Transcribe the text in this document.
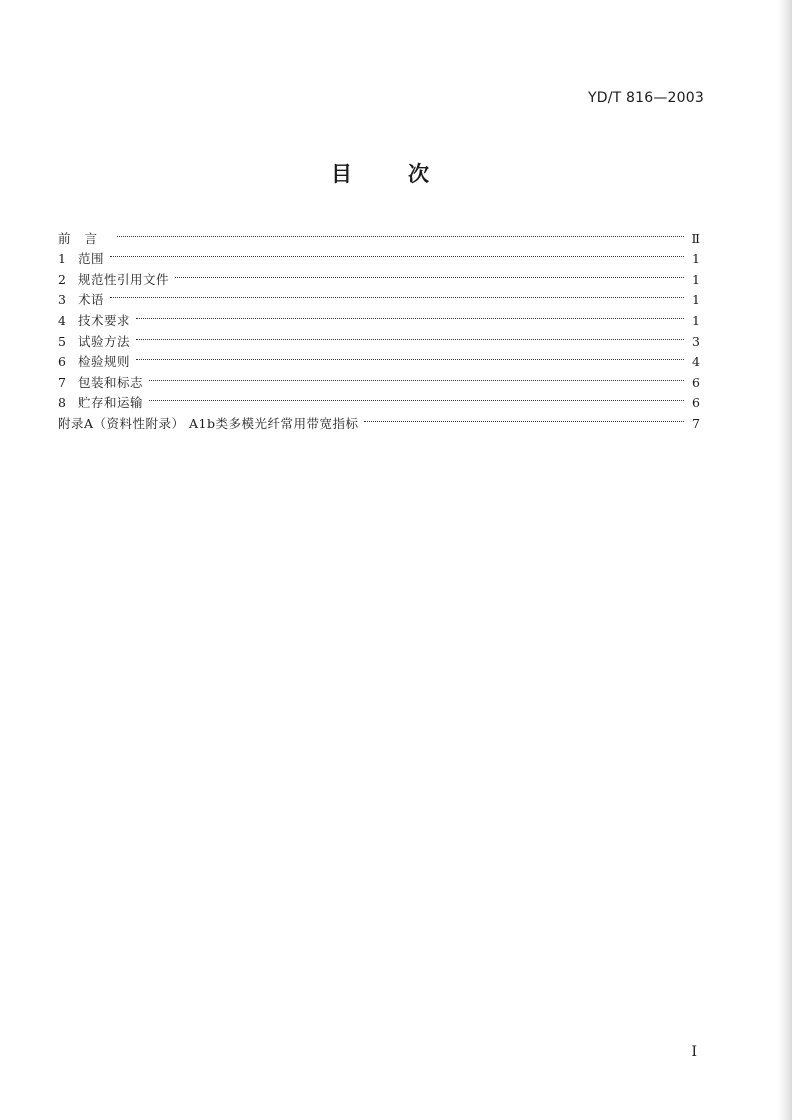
YD/T 816—2003
目次
前言	Ⅱ
1 范围	1
2 规范性引用文件	1
3 术语	1
4 技术要求	1
5 试验方法	3
6 检验规则	4
7 包装和标志	6
8 贮存和运输	6
附录A（资料性附录） A1b类多模光纤常用带宽指标	7
I
